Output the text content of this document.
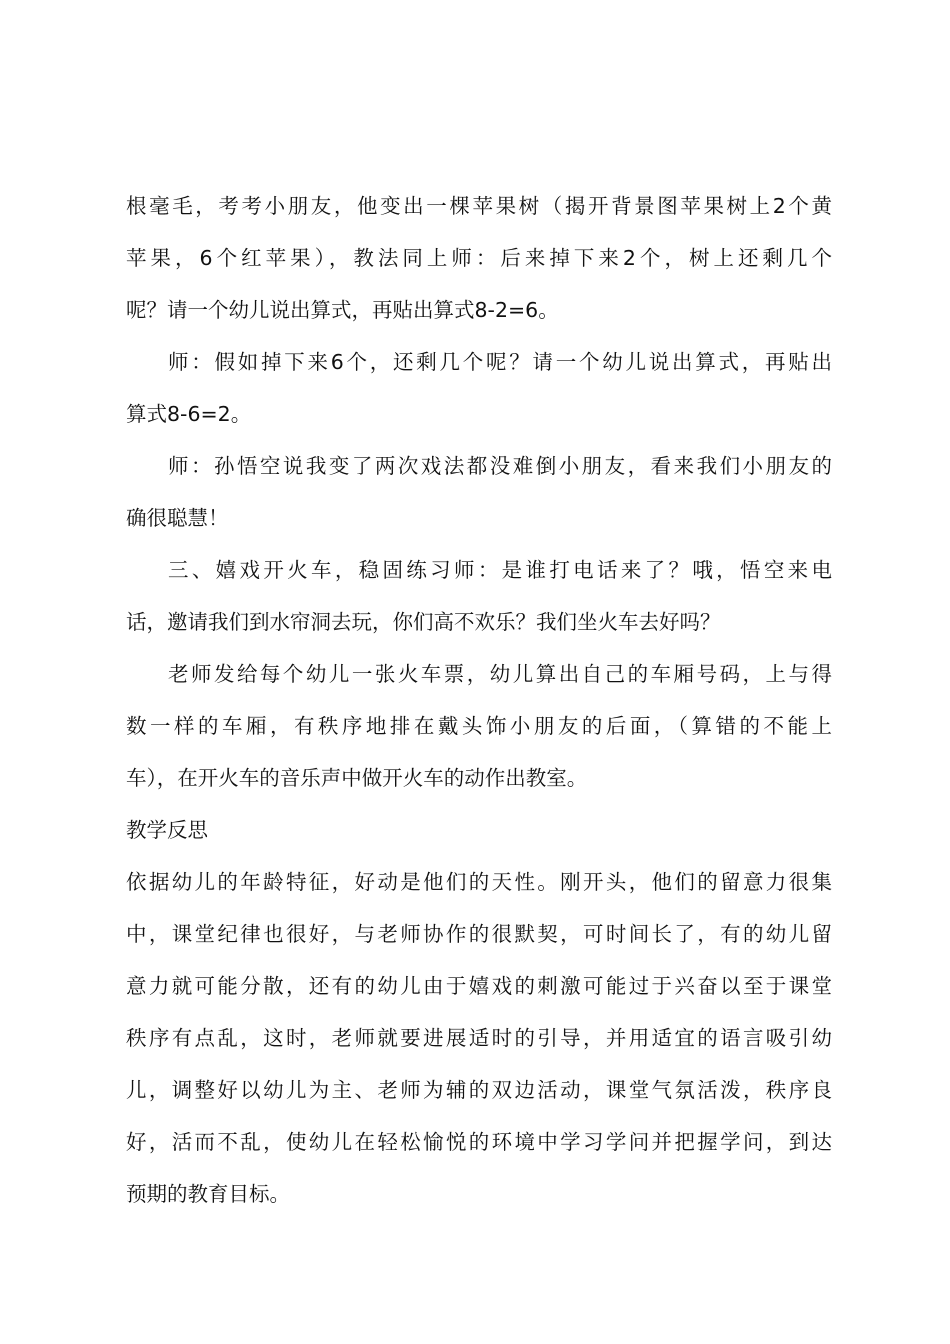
根毫毛，考考小朋友，他变出一棵苹果树（揭开背景图苹果树上2个黄
苹果，6个红苹果），教法同上师：后来掉下来2个，树上还剩几个
呢？请一个幼儿说出算式，再贴出算式8-2=6。
师：假如掉下来6个，还剩几个呢？请一个幼儿说出算式，再贴出
算式8-6=2。
师：孙悟空说我变了两次戏法都没难倒小朋友，看来我们小朋友的
确很聪慧！
三、嬉戏开火车，稳固练习师：是谁打电话来了？哦，悟空来电
话，邀请我们到水帘洞去玩，你们高不欢乐？我们坐火车去好吗？
老师发给每个幼儿一张火车票，幼儿算出自己的车厢号码，上与得
数一样的车厢，有秩序地排在戴头饰小朋友的后面，（算错的不能上
车），在开火车的音乐声中做开火车的动作出教室。
教学反思
依据幼儿的年龄特征，好动是他们的天性。刚开头，他们的留意力很集
中，课堂纪律也很好，与老师协作的很默契，可时间长了，有的幼儿留
意力就可能分散，还有的幼儿由于嬉戏的刺激可能过于兴奋以至于课堂
秩序有点乱，这时，老师就要进展适时的引导，并用适宜的语言吸引幼
儿，调整好以幼儿为主、老师为辅的双边活动，课堂气氛活泼，秩序良
好，活而不乱，使幼儿在轻松愉悦的环境中学习学问并把握学问，到达
预期的教育目标。
